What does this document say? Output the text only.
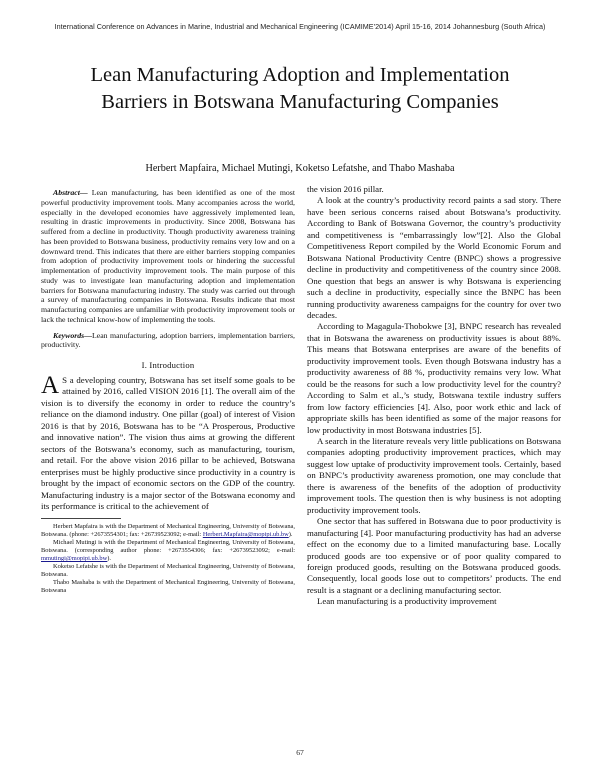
International Conference on Advances in Marine, Industrial and Mechanical Engineering (ICAMIME'2014) April 15-16, 2014 Johannesburg (South Africa)
Lean Manufacturing Adoption and Implementation Barriers in Botswana Manufacturing Companies
Herbert Mapfaira, Michael Mutingi, Koketso Lefatshe, and Thabo Mashaba

Abstract— Lean manufacturing, has been identified as one of the most powerful productivity improvement tools. Many accompanies across the world, especially in the developed economies have aggressively implemented lean, resulting in drastic improvements in productivity. Since 2008, Botswana has suffered from a decline in productivity. Though productivity awareness training has been provided to Botswana business, productivity remains very low and on a downward trend. This indicates that there are either barriers stopping companies from adoption of productivity improvement tools or hindering the successful implementation of productivity improvement tools. The main purpose of this study was to investigate lean manufacturing adoption and implementation barriers for Botswana manufacturing industry. The study was carried out through a survey of manufacturing companies in Botswana. Results indicate that most manufacturing companies are unfamiliar with productivity improvement tools or lack the technical know-how of implementing the tools.

Keywords—Lean manufacturing, adoption barriers, implementation barriers, productivity.

I. Introduction

A S a developing country, Botswana has set itself some goals to be attained by 2016, called VISION 2016 [1]. The overall aim of the vision is to diversify the economy in order to reduce the country’s reliance on the diamond industry. One pillar (goal) of interest of Vision 2016 is that by 2016, Botswana has to be “A Prosperous, Productive and innovative nation”. The vision thus aims at growing the different sectors of the Botswana’s economy, such as manufacturing, tourism, and retail. For the above vision 2016 pillar to be achieved, Botswana enterprises must be highly productive since productivity in a country is brought by the impact of economic sectors on the GDP of the country. Manufacturing industry is a major sector of the Botswana economy and its performance is critical to the achievement of

Herbert Mapfaira is with the Department of Mechanical Engineering, University of Botswana, Botswana. (phone: +2673554301; fax: +26739523092; e-mail: Herbert.Mapfaira@mopipi.ub.bw).

Michael Mutingi is with the Department of Mechanical Engineering, University of Botswana, Botswana. (corresponding author phone: +2673554306; fax: +26739523092; e-mail: mmutingi@mopipi.ub.bw).

Koketso Lefatshe is with the Department of Mechanical Engineering, University of Botswana, Botswana.

Thabo Mashaba is with the Department of Mechanical Engineering, University of Botswana, Botswana

the vision 2016 pillar.

A look at the country’s productivity record paints a sad story. There have been serious concerns raised about Botswana’s productivity. According to Bank of Botswana Governor, the country’s productivity and competitiveness is “embarrassingly low”[2]. Also the Global Competitiveness Report compiled by the World Economic Forum and Botswana National Productivity Centre (BNPC) shows a progressive decline in productivity and competitiveness of the country since 2008. One question that begs an answer is why Botswana is experiencing such a decline in productivity, especially since the BNPC has been running productivity awareness campaigns for the country for over two decades.

According to Magagula-Thobokwe [3], BNPC research has revealed that in Botswana the awareness on productivity issues is about 88%. This means that Botswana enterprises are aware of the benefits of productivity improvement tools. Even though Botswana industry has a productivity awareness of 88 %, productivity remains very low. What could be the reasons for such a low productivity level for the country? According to Salm et al.,’s study, Botswana textile industry suffers from low factory efficiencies [4]. Also, poor work ethic and lack of appropriate skills has been identified as some of the major reasons for low productivity in most Botswana industries [5].

A search in the literature reveals very little publications on Botswana companies adopting productivity improvement practices, which may suggest low uptake of productivity improvement tools. Certainly, based on BNPC’s productivity awareness promotion, one may conclude that there is awareness of the benefits of the adoption of productivity improvement tools. The question then is why business is not adopting productivity improvement tools.

One sector that has suffered in Botswana due to poor productivity is manufacturing [4]. Poor manufacturing productivity has had an adverse effect on the economy due to a limited manufacturing base. Locally produced goods are too expensive or of poor quality compared to foreign produced goods, resulting on the Botswana produced goods. Consequently, local goods lose out to competitors’ products. The end result is a stagnant or a declining manufacturing sector.

Lean manufacturing is a productivity improvement

67
